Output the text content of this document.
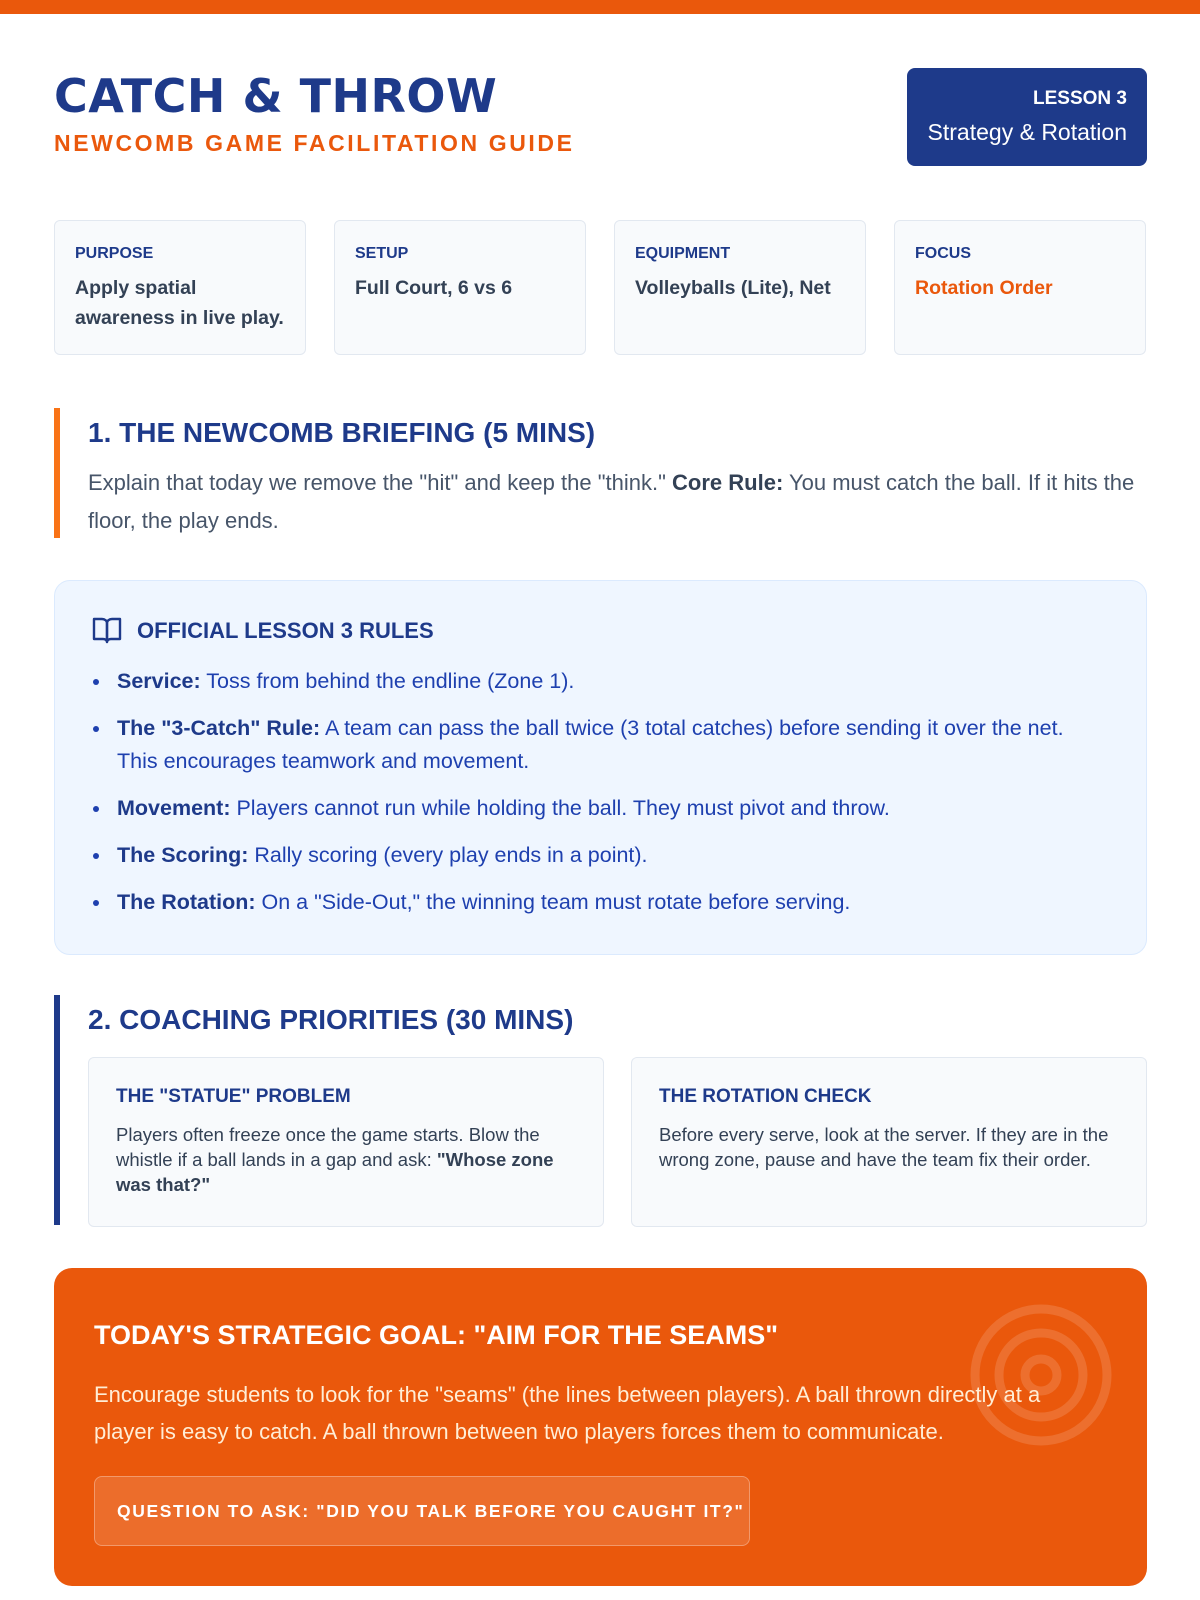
CATCH & THROW
NEWCOMB GAME FACILITATION GUIDE
LESSON 3
Strategy & Rotation
PURPOSE
Apply spatial awareness in live play.
SETUP
Full Court, 6 vs 6
EQUIPMENT
Volleyballs (Lite), Net
FOCUS
Rotation Order
1. THE NEWCOMB BRIEFING (5 MINS)
Explain that today we remove the "hit" and keep the "think." Core Rule: You must catch the ball. If it hits the floor, the play ends.
OFFICIAL LESSON 3 RULES
Service: Toss from behind the endline (Zone 1).
The "3-Catch" Rule: A team can pass the ball twice (3 total catches) before sending it over the net. This encourages teamwork and movement.
Movement: Players cannot run while holding the ball. They must pivot and throw.
The Scoring: Rally scoring (every play ends in a point).
The Rotation: On a "Side-Out," the winning team must rotate before serving.
2. COACHING PRIORITIES (30 MINS)
THE "STATUE" PROBLEM
Players often freeze once the game starts. Blow the whistle if a ball lands in a gap and ask: "Whose zone was that?"
THE ROTATION CHECK
Before every serve, look at the server. If they are in the wrong zone, pause and have the team fix their order.
TODAY'S STRATEGIC GOAL: "AIM FOR THE SEAMS"
Encourage students to look for the "seams" (the lines between players). A ball thrown directly at a player is easy to catch. A ball thrown between two players forces them to communicate.
QUESTION TO ASK: "DID YOU TALK BEFORE YOU CAUGHT IT?"
